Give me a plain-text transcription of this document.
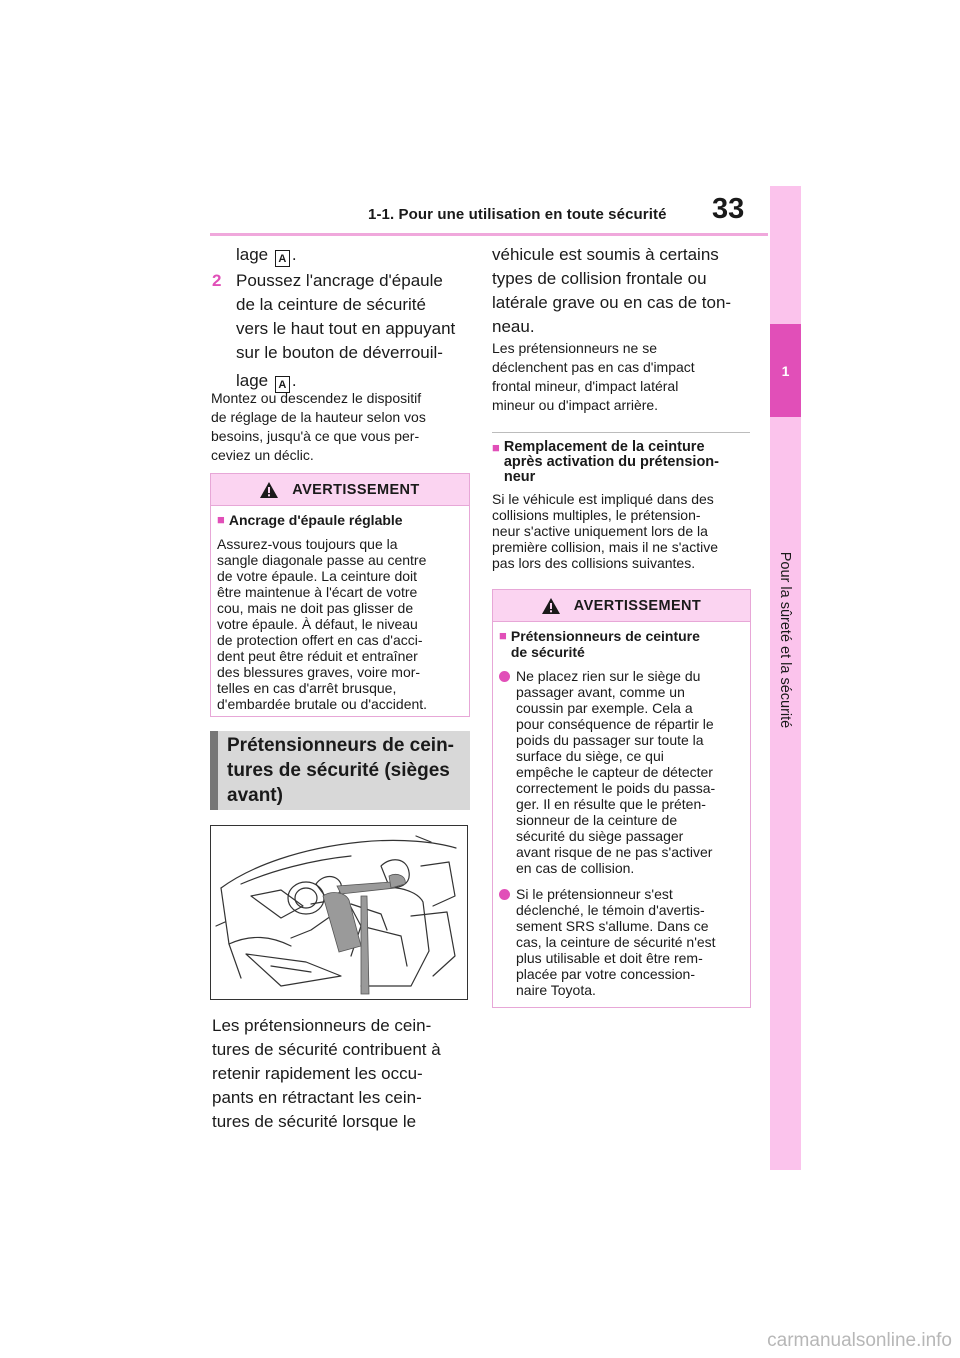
1-1. Pour une utilisation en toute sécurité 33
1
Pour la sûreté et la sécurité
lage A .
2 Poussez l'ancrage d'épaule
de la ceinture de sécurité
vers le haut tout en appuyant
sur le bouton de déverrouil-
lage A .
Montez ou descendez le dispositif
de réglage de la hauteur selon vos
besoins, jusqu'à ce que vous per-
ceviez un déclic.
AVERTISSEMENT
■ Ancrage d'épaule réglable
Assurez-vous toujours que la
sangle diagonale passe au centre
de votre épaule. La ceinture doit
être maintenue à l'écart de votre
cou, mais ne doit pas glisser de
votre épaule. À défaut, le niveau
de protection offert en cas d'acci-
dent peut être réduit et entraîner
des blessures graves, voire mor-
telles en cas d'arrêt brusque,
d'embardée brutale ou d'accident.
Prétensionneurs de cein-
tures de sécurité (sièges
avant)
Les prétensionneurs de cein-
tures de sécurité contribuent à
retenir rapidement les occu-
pants en rétractant les cein-
tures de sécurité lorsque le
véhicule est soumis à certains
types de collision frontale ou
latérale grave ou en cas de ton-
neau.
Les prétensionneurs ne se
déclenchent pas en cas d'impact
frontal mineur, d'impact latéral
mineur ou d'impact arrière.
■ Remplacement de la ceinture
après activation du prétension-
neur
Si le véhicule est impliqué dans des
collisions multiples, le prétension-
neur s'active uniquement lors de la
première collision, mais il ne s'active
pas lors des collisions suivantes.
AVERTISSEMENT
■ Prétensionneurs de ceinture
de sécurité
Ne placez rien sur le siège du
passager avant, comme un
coussin par exemple. Cela a
pour conséquence de répartir le
poids du passager sur toute la
surface du siège, ce qui
empêche le capteur de détecter
correctement le poids du passa-
ger. Il en résulte que le préten-
sionneur de la ceinture de
sécurité du siège passager
avant risque de ne pas s'activer
en cas de collision.
Si le prétensionneur s'est
déclenché, le témoin d'avertis-
sement SRS s'allume. Dans ce
cas, la ceinture de sécurité n'est
plus utilisable et doit être rem-
placée par votre concession-
naire Toyota.
carmanualsonline.info
